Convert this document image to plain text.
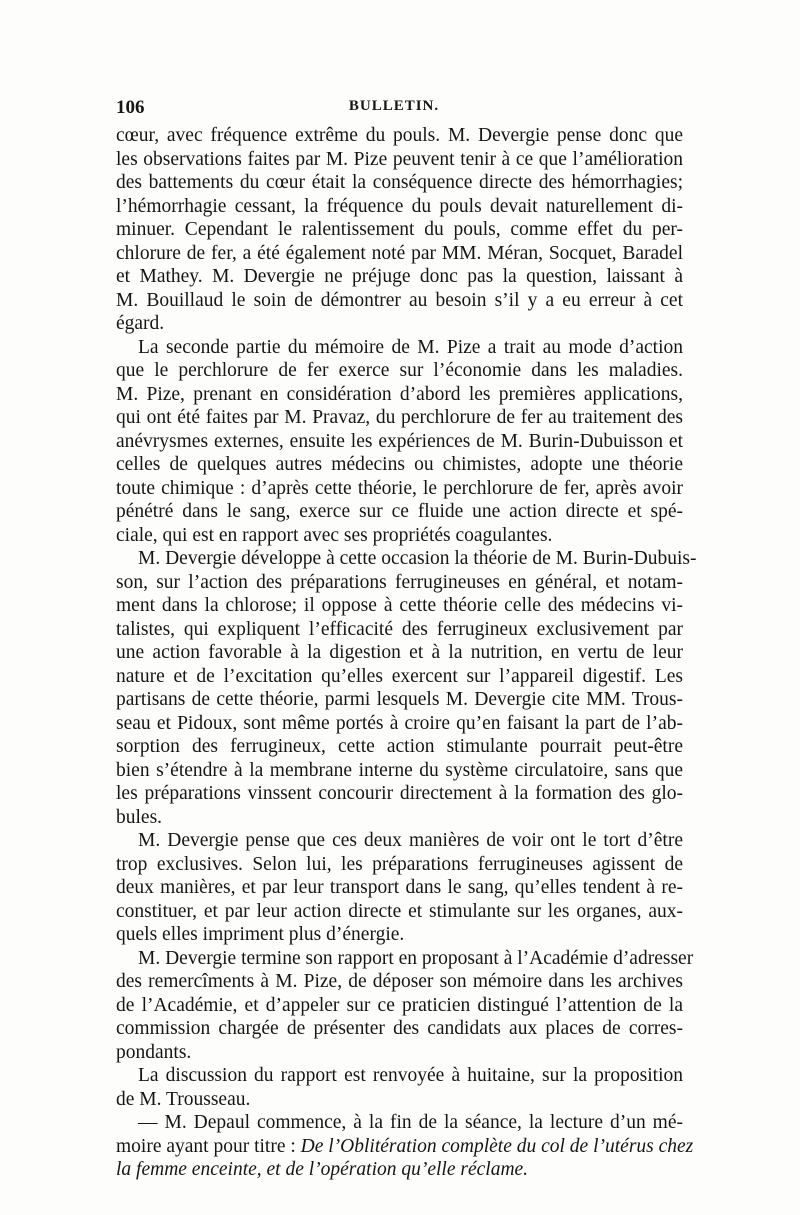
106	BULLETIN.
cœur, avec fréquence extrême du pouls. M. Devergie pense donc que
les observations faites par M. Pize peuvent tenir à ce que l’amélioration
des battements du cœur était la conséquence directe des hémorrhagies;
l’hémorrhagie cessant, la fréquence du pouls devait naturellement di-
minuer. Cependant le ralentissement du pouls, comme effet du per-
chlorure de fer, a été également noté par MM. Méran, Socquet, Baradel
et Mathey. M. Devergie ne préjuge donc pas la question, laissant à
M. Bouillaud le soin de démontrer au besoin s’il y a eu erreur à cet
égard.
La seconde partie du mémoire de M. Pize a trait au mode d’action
que le perchlorure de fer exerce sur l’économie dans les maladies.
M. Pize, prenant en considération d’abord les premières applications,
qui ont été faites par M. Pravaz, du perchlorure de fer au traitement des
anévrysmes externes, ensuite les expériences de M. Burin-Dubuisson et
celles de quelques autres médecins ou chimistes, adopte une théorie
toute chimique : d’après cette théorie, le perchlorure de fer, après avoir
pénétré dans le sang, exerce sur ce fluide une action directe et spé-
ciale, qui est en rapport avec ses propriétés coagulantes.
M. Devergie développe à cette occasion la théorie de M. Burin-Dubuis-
son, sur l’action des préparations ferrugineuses en général, et notam-
ment dans la chlorose; il oppose à cette théorie celle des médecins vi-
talistes, qui expliquent l’efficacité des ferrugineux exclusivement par
une action favorable à la digestion et à la nutrition, en vertu de leur
nature et de l’excitation qu’elles exercent sur l’appareil digestif. Les
partisans de cette théorie, parmi lesquels M. Devergie cite MM. Trous-
seau et Pidoux, sont même portés à croire qu’en faisant la part de l’ab-
sorption des ferrugineux, cette action stimulante pourrait peut-être
bien s’étendre à la membrane interne du système circulatoire, sans que
les préparations vinssent concourir directement à la formation des glo-
bules.
M. Devergie pense que ces deux manières de voir ont le tort d’être
trop exclusives. Selon lui, les préparations ferrugineuses agissent de
deux manières, et par leur transport dans le sang, qu’elles tendent à re-
constituer, et par leur action directe et stimulante sur les organes, aux-
quels elles impriment plus d’énergie.
M. Devergie termine son rapport en proposant à l’Académie d’adresser
des remercîments à M. Pize, de déposer son mémoire dans les archives
de l’Académie, et d’appeler sur ce praticien distingué l’attention de la
commission chargée de présenter des candidats aux places de corres-
pondants.
La discussion du rapport est renvoyée à huitaine, sur la proposition
de M. Trousseau.
— M. Depaul commence, à la fin de la séance, la lecture d’un mé-
moire ayant pour titre : De l’Oblitération complète du col de l’utérus chez
la femme enceinte, et de l’opération qu’elle réclame.
